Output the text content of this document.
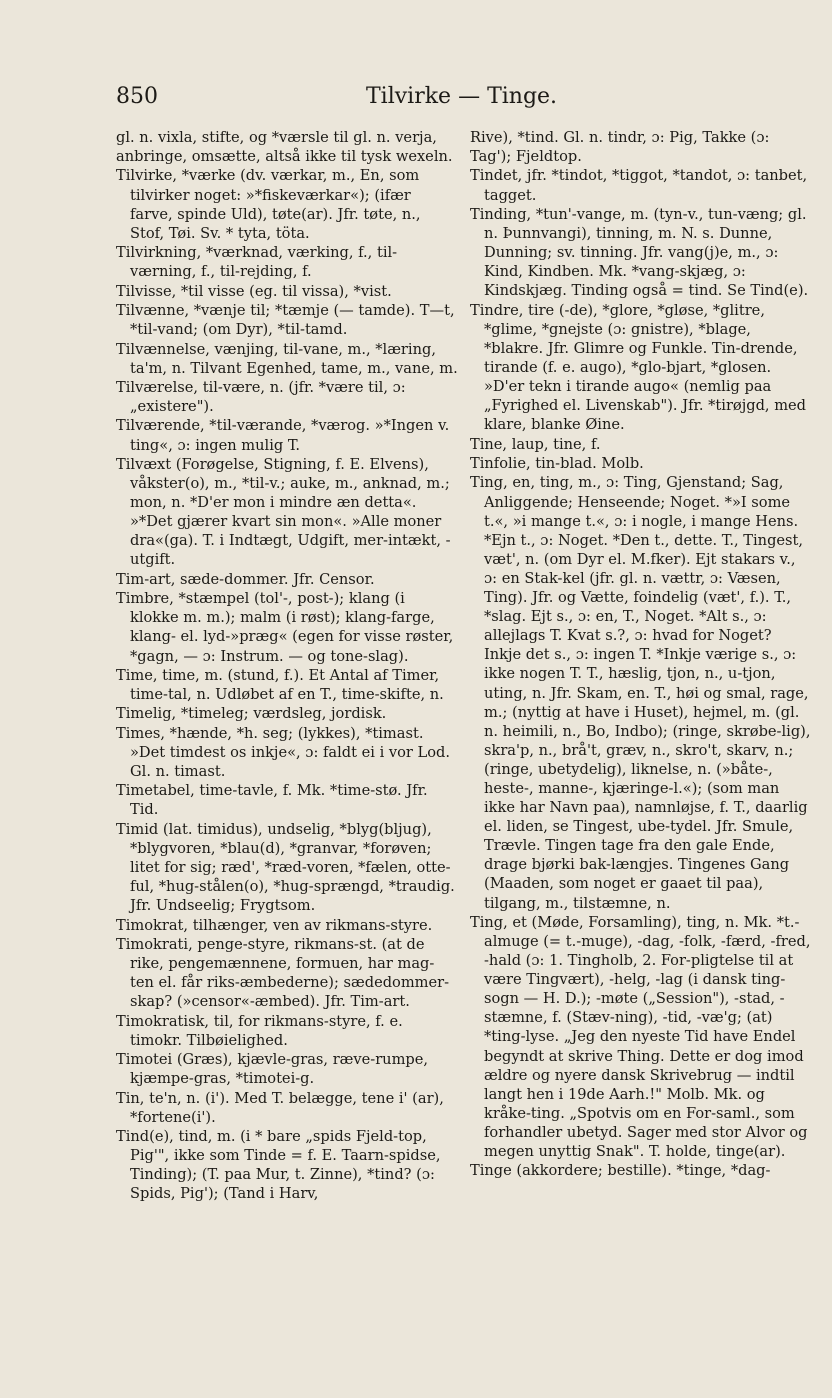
850	Tilvirke — Tinge.

gl. n. vixla, stifte, og *værsle til gl. n. verja, anbringe, omsætte, altså ikke til tysk wexeln.

Tilvirke, *værke (dv. værkar, m., En, som tilvirker noget: »*fiskeværkar«); (ifær farve, spinde Uld), tøte(ar). Jfr. tøte, n., Stof, Tøi. Sv. * tyta, töta.

Tilvirkning, *værknad, værking, f., til-værning, f., til-rejding, f.

Tilvisse, *til visse (eg. til vissa), *vist.

Tilvænne, *vænje til; *tæmje (— tamde). T—t, *til-vand; (om Dyr), *til-tamd.

Tilvænnelse, vænjing, til-vane, m., *læring, ta'm, n. Tilvant Egenhed, tame, m., vane, m.

Tilværelse, til-være, n. (jfr. *være til, ɔ: „existere").

Tilværende, *til-værande, *værog. »*Ingen v. ting«, ɔ: ingen mulig T.

Tilvæxt (Forøgelse, Stigning, f. E. Elvens), våkster(o), m., *til-v.; auke, m., anknad, m.; mon, n. *D'er mon i mindre æn detta«. »*Det gjærer kvart sin mon«. »Alle moner dra«(ga). T. i Indtægt, Udgift, mer-intækt, -utgift.

Tim-art, sæde-dommer. Jfr. Censor.

Timbre, *stæmpel (tol'-, post-); klang (i klokke m. m.); malm (i røst); klang-farge, klang- el. lyd-»præg« (egen for visse røster, *gagn, — ɔ: Instrum. — og tone-slag).

Time, time, m. (stund, f.). Et Antal af Timer, time-tal, n. Udløbet af en T., time-skifte, n.

Timelig, *timeleg; værdsleg, jordisk.

Times, *hænde, *h. seg; (lykkes), *timast. »Det timdest os inkje«, ɔ: faldt ei i vor Lod. Gl. n. timast.

Timetabel, time-tavle, f. Mk. *time-stø. Jfr. Tid.

Timid (lat. timidus), undselig, *blyg(bljug), *blygvoren, *blau(d), *granvar, *forøven; litet for sig; ræd', *ræd-voren, *fælen, otte-ful, *hug-stålen(o), *hug-sprængd, *traudig. Jfr. Undseelig; Frygtsom.

Timokrat, tilhænger, ven av rikmans-styre.

Timokrati, penge-styre, rikmans-st. (at de rike, pengemænnene, formuen, har mag-ten el. får riks-æmbederne); sædedommer-skap? (»censor«-æmbed). Jfr. Tim-art.

Timokratisk, til, for rikmans-styre, f. e. timokr. Tilbøielighed.

Timotei (Græs), kjævle-gras, ræve-rumpe, kjæmpe-gras, *timotei-g.

Tin, te'n, n. (i'). Med T. belægge, tene i' (ar), *fortene(i').

Tind(e), tind, m. (i * bare „spids Fjeld-top, Pig'", ikke som Tinde = f. E. Taarn-spidse, Tinding); (T. paa Mur, t. Zinne), *tind? (ɔ: Spids, Pig'); (Tand i Harv,

Rive), *tind. Gl. n. tindr, ɔ: Pig, Takke (ɔ: Tag'); Fjeldtop.

Tindet, jfr. *tindot, *tiggot, *tandot, ɔ: tanbet, tagget.

Tinding, *tun'-vange, m. (tyn-v., tun-væng; gl. n. Þunnvangi), tinning, m. N. s. Dunne, Dunning; sv. tinning. Jfr. vang(j)e, m., ɔ: Kind, Kindben. Mk. *vang-skjæg, ɔ: Kindskjæg. Tinding også = tind. Se Tind(e).

Tindre, tire (-de), *glore, *gløse, *glitre, *glime, *gnejste (ɔ: gnistre), *blage, *blakre. Jfr. Glimre og Funkle. Tin-drende, tirande (f. e. augo), *glo-bjart, *glosen. »D'er tekn i tirande augo« (nemlig paa „Fyrighed el. Livenskab"). Jfr. *tirøjgd, med klare, blanke Øine.

Tine, laup, tine, f.

Tinfolie, tin-blad. Molb.

Ting, en, ting, m., ɔ: Ting, Gjenstand; Sag, Anliggende; Henseende; Noget. *»I some t.«, »i mange t.«, ɔ: i nogle, i mange Hens. *Ejn t., ɔ: Noget. *Den t., dette. T., Tingest, væt', n. (om Dyr el. M.fker). Ejt stakars v., ɔ: en Stak-kel (jfr. gl. n. vættr, ɔ: Væsen, Ting). Jfr. og Vætte, foindelig (væt', f.). T., *slag. Ejt s., ɔ: en, T., Noget. *Alt s., ɔ: allejlags T. Kvat s.?, ɔ: hvad for Noget? Inkje det s., ɔ: ingen T. *Inkje værige s., ɔ: ikke nogen T. T., hæslig, tjon, n., u-tjon, uting, n. Jfr. Skam, en. T., høi og smal, rage, m.; (nyttig at have i Huset), hejmel, m. (gl. n. heimili, n., Bo, Indbo); (ringe, skrøbe-lig), skra'p, n., brå't, græv, n., skro't, skarv, n.; (ringe, ubetydelig), liknelse, n. (»båte-, heste-, manne-, kjæringe-l.«); (som man ikke har Navn paa), namnløjse, f. T., daarlig el. liden, se Tingest, ube-tydel. Jfr. Smule, Trævle. Tingen tage fra den gale Ende, drage bjørki bak-længjes. Tingenes Gang (Maaden, som noget er gaaet til paa), tilgang, m., tilstæmne, n.

Ting, et (Møde, Forsamling), ting, n. Mk. *t.-almuge (= t.-muge), -dag, -folk, -færd, -fred, -hald (ɔ: 1. Tingholb, 2. For-pligtelse til at være Tingvært), -helg, -lag (i dansk ting-sogn — H. D.); -møte („Session"), -stad, -stæmne, f. (Stæv-ning), -tid, -væ'g; (at) *ting-lyse. „Jeg den nyeste Tid have Endel begyndt at skrive Thing. Dette er dog imod ældre og nyere dansk Skrivebrug — indtil langt hen i 19de Aarh.!" Molb. Mk. og kråke-ting. „Spotvis om en For-saml., som forhandler ubetyd. Sager med stor Alvor og megen unyttig Snak". T. holde, tinge(ar).

Tinge (akkordere; bestille). *tinge, *dag-
